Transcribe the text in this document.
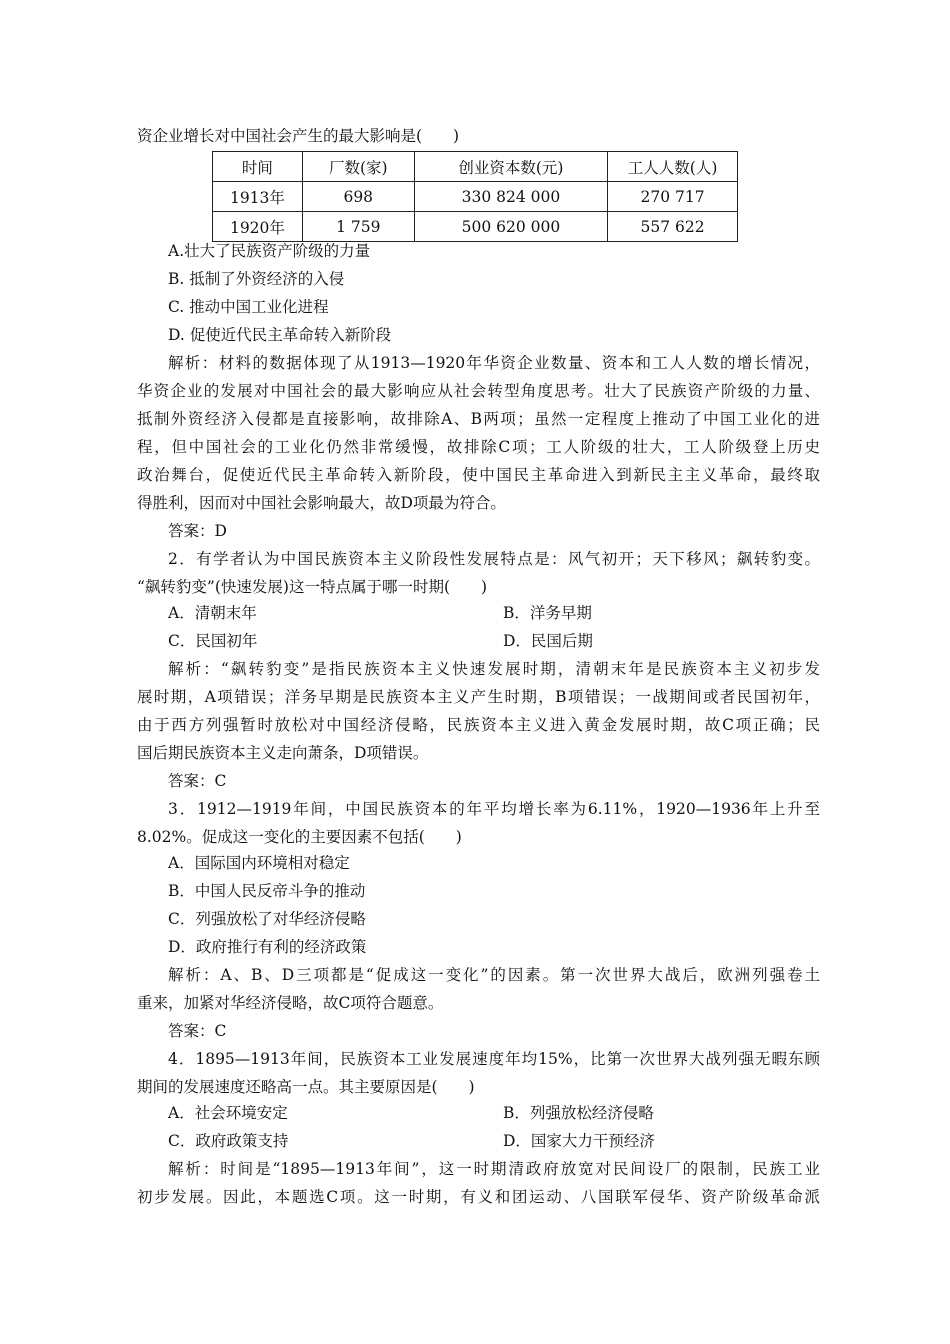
资企业增长对中国社会产生的最大影响是(　　)
时间	厂数(家)	创业资本数(元)	工人人数(人)
1913年	698	330 824 000	270 717
1920年	1 759	500 620 000	557 622
A.壮大了民族资产阶级的力量
B. 抵制了外资经济的入侵
C. 推动中国工业化进程
D. 促使近代民主革命转入新阶段
解析：材料的数据体现了从1913—1920年华资企业数量、资本和工人人数的增长情况，
华资企业的发展对中国社会的最大影响应从社会转型角度思考。壮大了民族资产阶级的力量、
抵制外资经济入侵都是直接影响，故排除A、B两项；虽然一定程度上推动了中国工业化的进
程，但中国社会的工业化仍然非常缓慢，故排除C项；工人阶级的壮大，工人阶级登上历史
政治舞台，促使近代民主革命转入新阶段，使中国民主革命进入到新民主主义革命，最终取
得胜利，因而对中国社会影响最大，故D项最为符合。
答案：D
2．有学者认为中国民族资本主义阶段性发展特点是：风气初开；天下移风；飙转豹变。
“飙转豹变”(快速发展)这一特点属于哪一时期(　　)
A．清朝末年	B．洋务早期
C．民国初年	D．民国后期
解析：“飙转豹变”是指民族资本主义快速发展时期，清朝末年是民族资本主义初步发
展时期，A项错误；洋务早期是民族资本主义产生时期，B项错误；一战期间或者民国初年，
由于西方列强暂时放松对中国经济侵略，民族资本主义进入黄金发展时期，故C项正确；民
国后期民族资本主义走向萧条，D项错误。
答案：C
3．1912—1919年间，中国民族资本的年平均增长率为6.11%，1920—1936年上升至
8.02%。促成这一变化的主要因素不包括(　　)
A．国际国内环境相对稳定
B．中国人民反帝斗争的推动
C．列强放松了对华经济侵略
D．政府推行有利的经济政策
解析：A、B、D三项都是“促成这一变化”的因素。第一次世界大战后，欧洲列强卷土
重来，加紧对华经济侵略，故C项符合题意。
答案：C
4．1895—1913年间，民族资本工业发展速度年均15%，比第一次世界大战列强无暇东顾
期间的发展速度还略高一点。其主要原因是(　　)
A．社会环境安定	B．列强放松经济侵略
C．政府政策支持	D．国家大力干预经济
解析：时间是“1895—1913年间”，这一时期清政府放宽对民间设厂的限制，民族工业
初步发展。因此，本题选C项。这一时期，有义和团运动、八国联军侵华、资产阶级革命派
